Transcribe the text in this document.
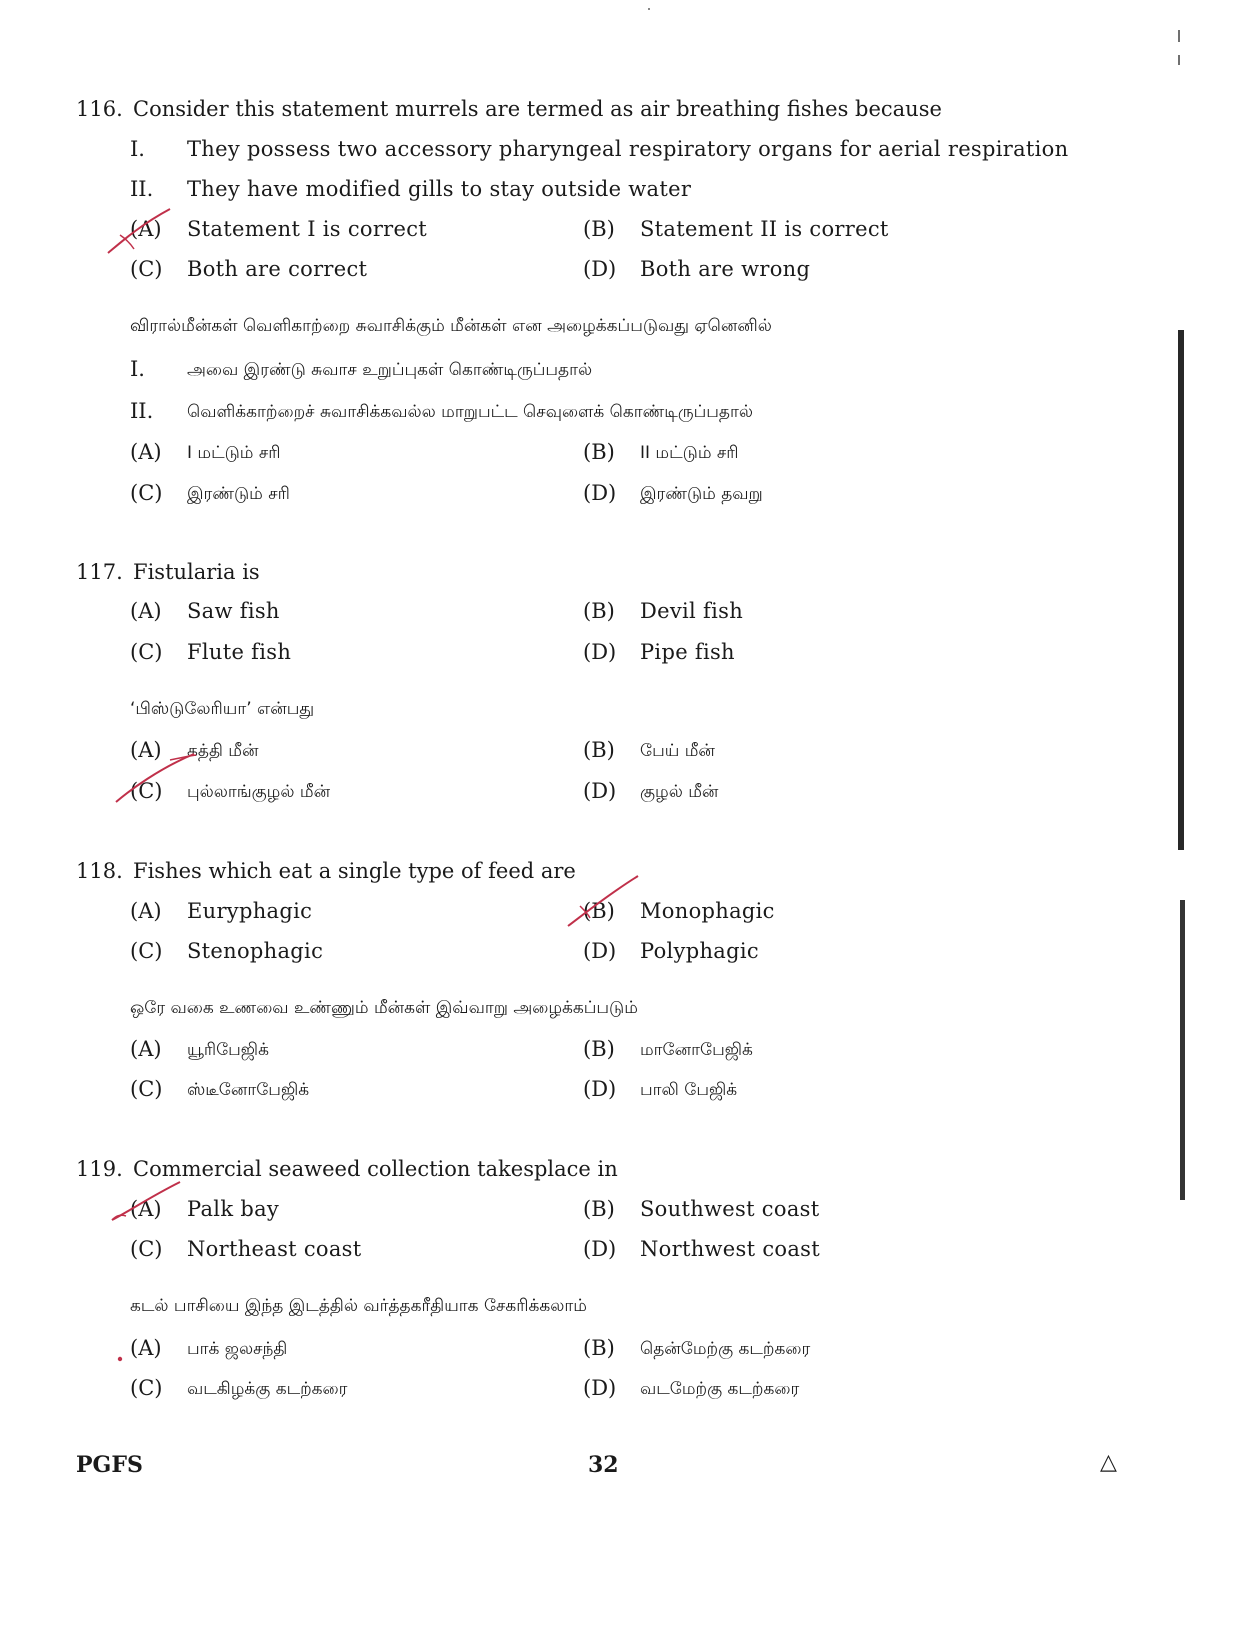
116. Consider this statement murrels are termed as air breathing fishes because
I. They possess two accessory pharyngeal respiratory organs for aerial respiration
II. They have modified gills to stay outside water
(A) Statement I is correct	(B) Statement II is correct
(C) Both are correct	(D) Both are wrong
விரால்மீன்கள் வெளிகாற்றை சுவாசிக்கும் மீன்கள் என அழைக்கப்படுவது ஏனெனில்
I. அவை இரண்டு சுவாச உறுப்புகள் கொண்டிருப்பதால்
II. வெளிக்காற்றைச் சுவாசிக்கவல்ல மாறுபட்ட செவுளைக் கொண்டிருப்பதால்
(A) I மட்டும் சரி	(B) II மட்டும் சரி
(C) இரண்டும் சரி	(D) இரண்டும் தவறு
117. Fistularia is
(A) Saw fish	(B) Devil fish
(C) Flute fish	(D) Pipe fish
‘பிஸ்டுலேரியா’ என்பது
(A) கத்தி மீன்	(B) பேய் மீன்
(C) புல்லாங்குழல் மீன்	(D) குழல் மீன்
118. Fishes which eat a single type of feed are
(A) Euryphagic	(B) Monophagic
(C) Stenophagic	(D) Polyphagic
ஒரே வகை உணவை உண்ணும் மீன்கள் இவ்வாறு அழைக்கப்படும்
(A) யூரிபேஜிக்	(B) மானோபேஜிக்
(C) ஸ்டீனோபேஜிக்	(D) பாலி பேஜிக்
119. Commercial seaweed collection takesplace in
(A) Palk bay	(B) Southwest coast
(C) Northeast coast	(D) Northwest coast
கடல் பாசியை இந்த இடத்தில் வர்த்தகரீதியாக சேகரிக்கலாம்
(A) பாக் ஜலசந்தி	(B) தென்மேற்கு கடற்கரை
(C) வடகிழக்கு கடற்கரை	(D) வடமேற்கு கடற்கரை
PGFS	32	△
